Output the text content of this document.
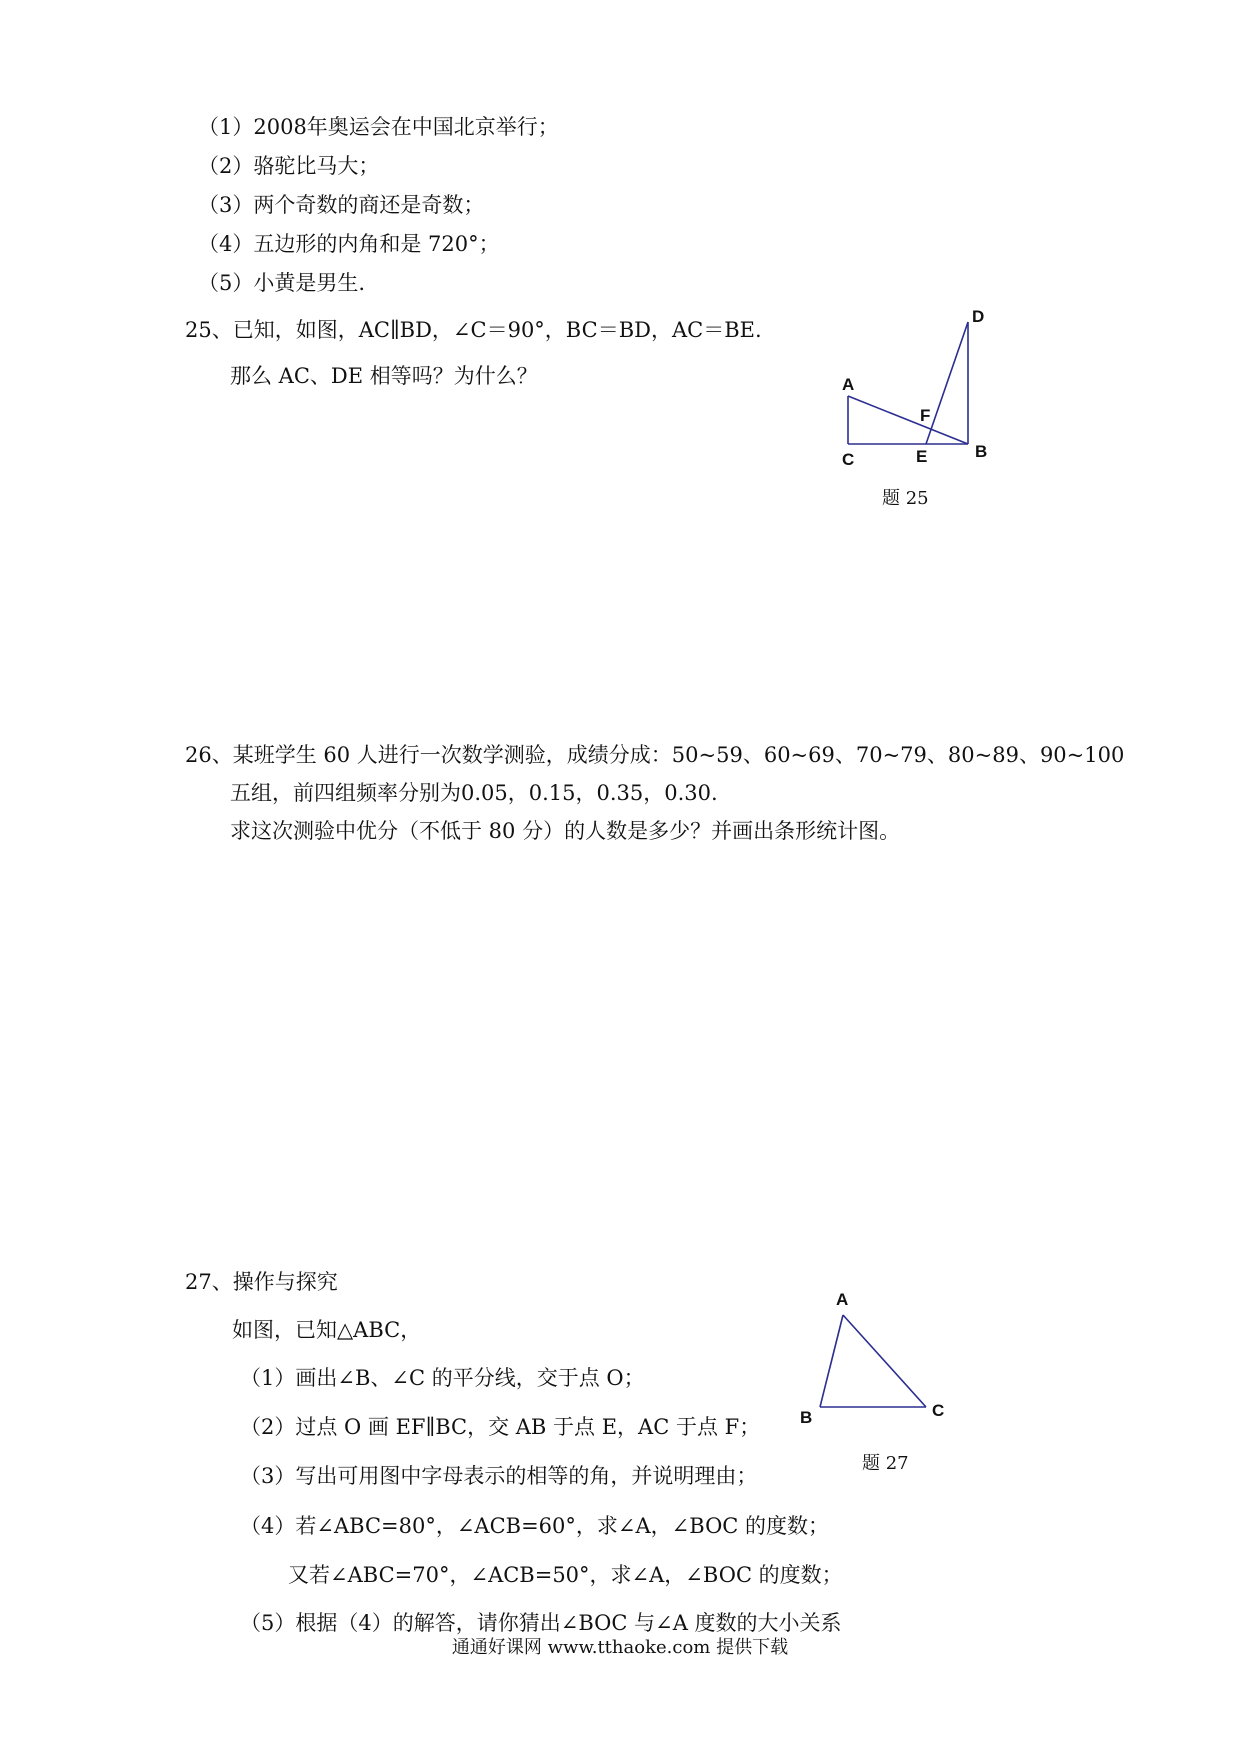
（1）2008年奥运会在中国北京举行；
（2）骆驼比马大；
（3）两个奇数的商还是奇数；
（4）五边形的内角和是 720°；
（5）小黄是男生.
25、已知，如图，AC∥BD，∠C＝90°，BC＝BD，AC＝BE.
那么 AC、DE 相等吗？为什么？
D
A
F
C	E	B
题 25
26、某班学生 60 人进行一次数学测验，成绩分成：50~59、60~69、70~79、80~89、90~100
五组，前四组频率分别为0.05，0.15，0.35，0.30.
求这次测验中优分（不低于 80 分）的人数是多少？并画出条形统计图。
27、操作与探究
如图，已知△ABC，
（1）画出∠B、∠C 的平分线，交于点 O；
（2）过点 O 画 EF∥BC，交 AB 于点 E，AC 于点 F；
（3）写出可用图中字母表示的相等的角，并说明理由；
（4）若∠ABC=80°，∠ACB=60°，求∠A，∠BOC 的度数；
又若∠ABC=70°，∠ACB=50°，求∠A，∠BOC 的度数；
（5）根据（4）的解答，请你猜出∠BOC 与∠A 度数的大小关系
A
B	C
题 27
通通好课网 www.tthaoke.com 提供下载
